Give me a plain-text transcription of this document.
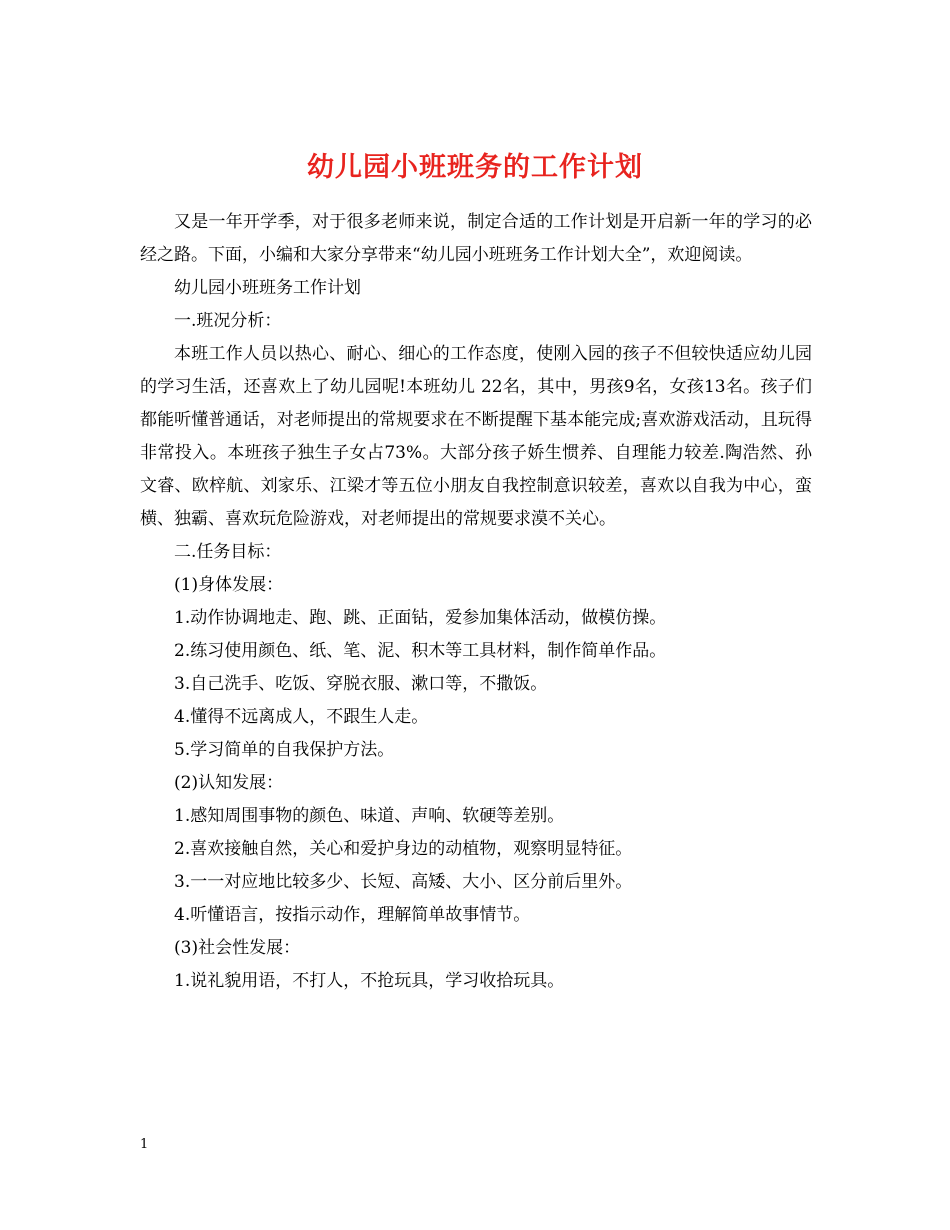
幼儿园小班班务的工作计划

又是一年开学季，对于很多老师来说，制定合适的工作计划是开启新一年的学习的必经之路。下面，小编和大家分享带来“幼儿园小班班务工作计划大全”，欢迎阅读。

幼儿园小班班务工作计划

一.班况分析：

本班工作人员以热心、耐心、细心的工作态度，使刚入园的孩子不但较快适应幼儿园的学习生活，还喜欢上了幼儿园呢!本班幼儿 22名，其中，男孩9名，女孩13名。孩子们都能听懂普通话，对老师提出的常规要求在不断提醒下基本能完成;喜欢游戏活动，且玩得非常投入。本班孩子独生子女占73%。大部分孩子娇生惯养、自理能力较差.陶浩然、孙文睿、欧梓航、刘家乐、江梁才等五位小朋友自我控制意识较差，喜欢以自我为中心，蛮横、独霸、喜欢玩危险游戏，对老师提出的常规要求漠不关心。

二.任务目标：

(1)身体发展：

1.动作协调地走、跑、跳、正面钻，爱参加集体活动，做模仿操。

2.练习使用颜色、纸、笔、泥、积木等工具材料，制作简单作品。

3.自己洗手、吃饭、穿脱衣服、漱口等，不撒饭。

4.懂得不远离成人，不跟生人走。

5.学习简单的自我保护方法。

(2)认知发展：

1.感知周围事物的颜色、味道、声响、软硬等差别。

2.喜欢接触自然，关心和爱护身边的动植物，观察明显特征。

3.一一对应地比较多少、长短、高矮、大小、区分前后里外。

4.听懂语言，按指示动作，理解简单故事情节。

(3)社会性发展：

1.说礼貌用语，不打人，不抢玩具，学习收拾玩具。

1
